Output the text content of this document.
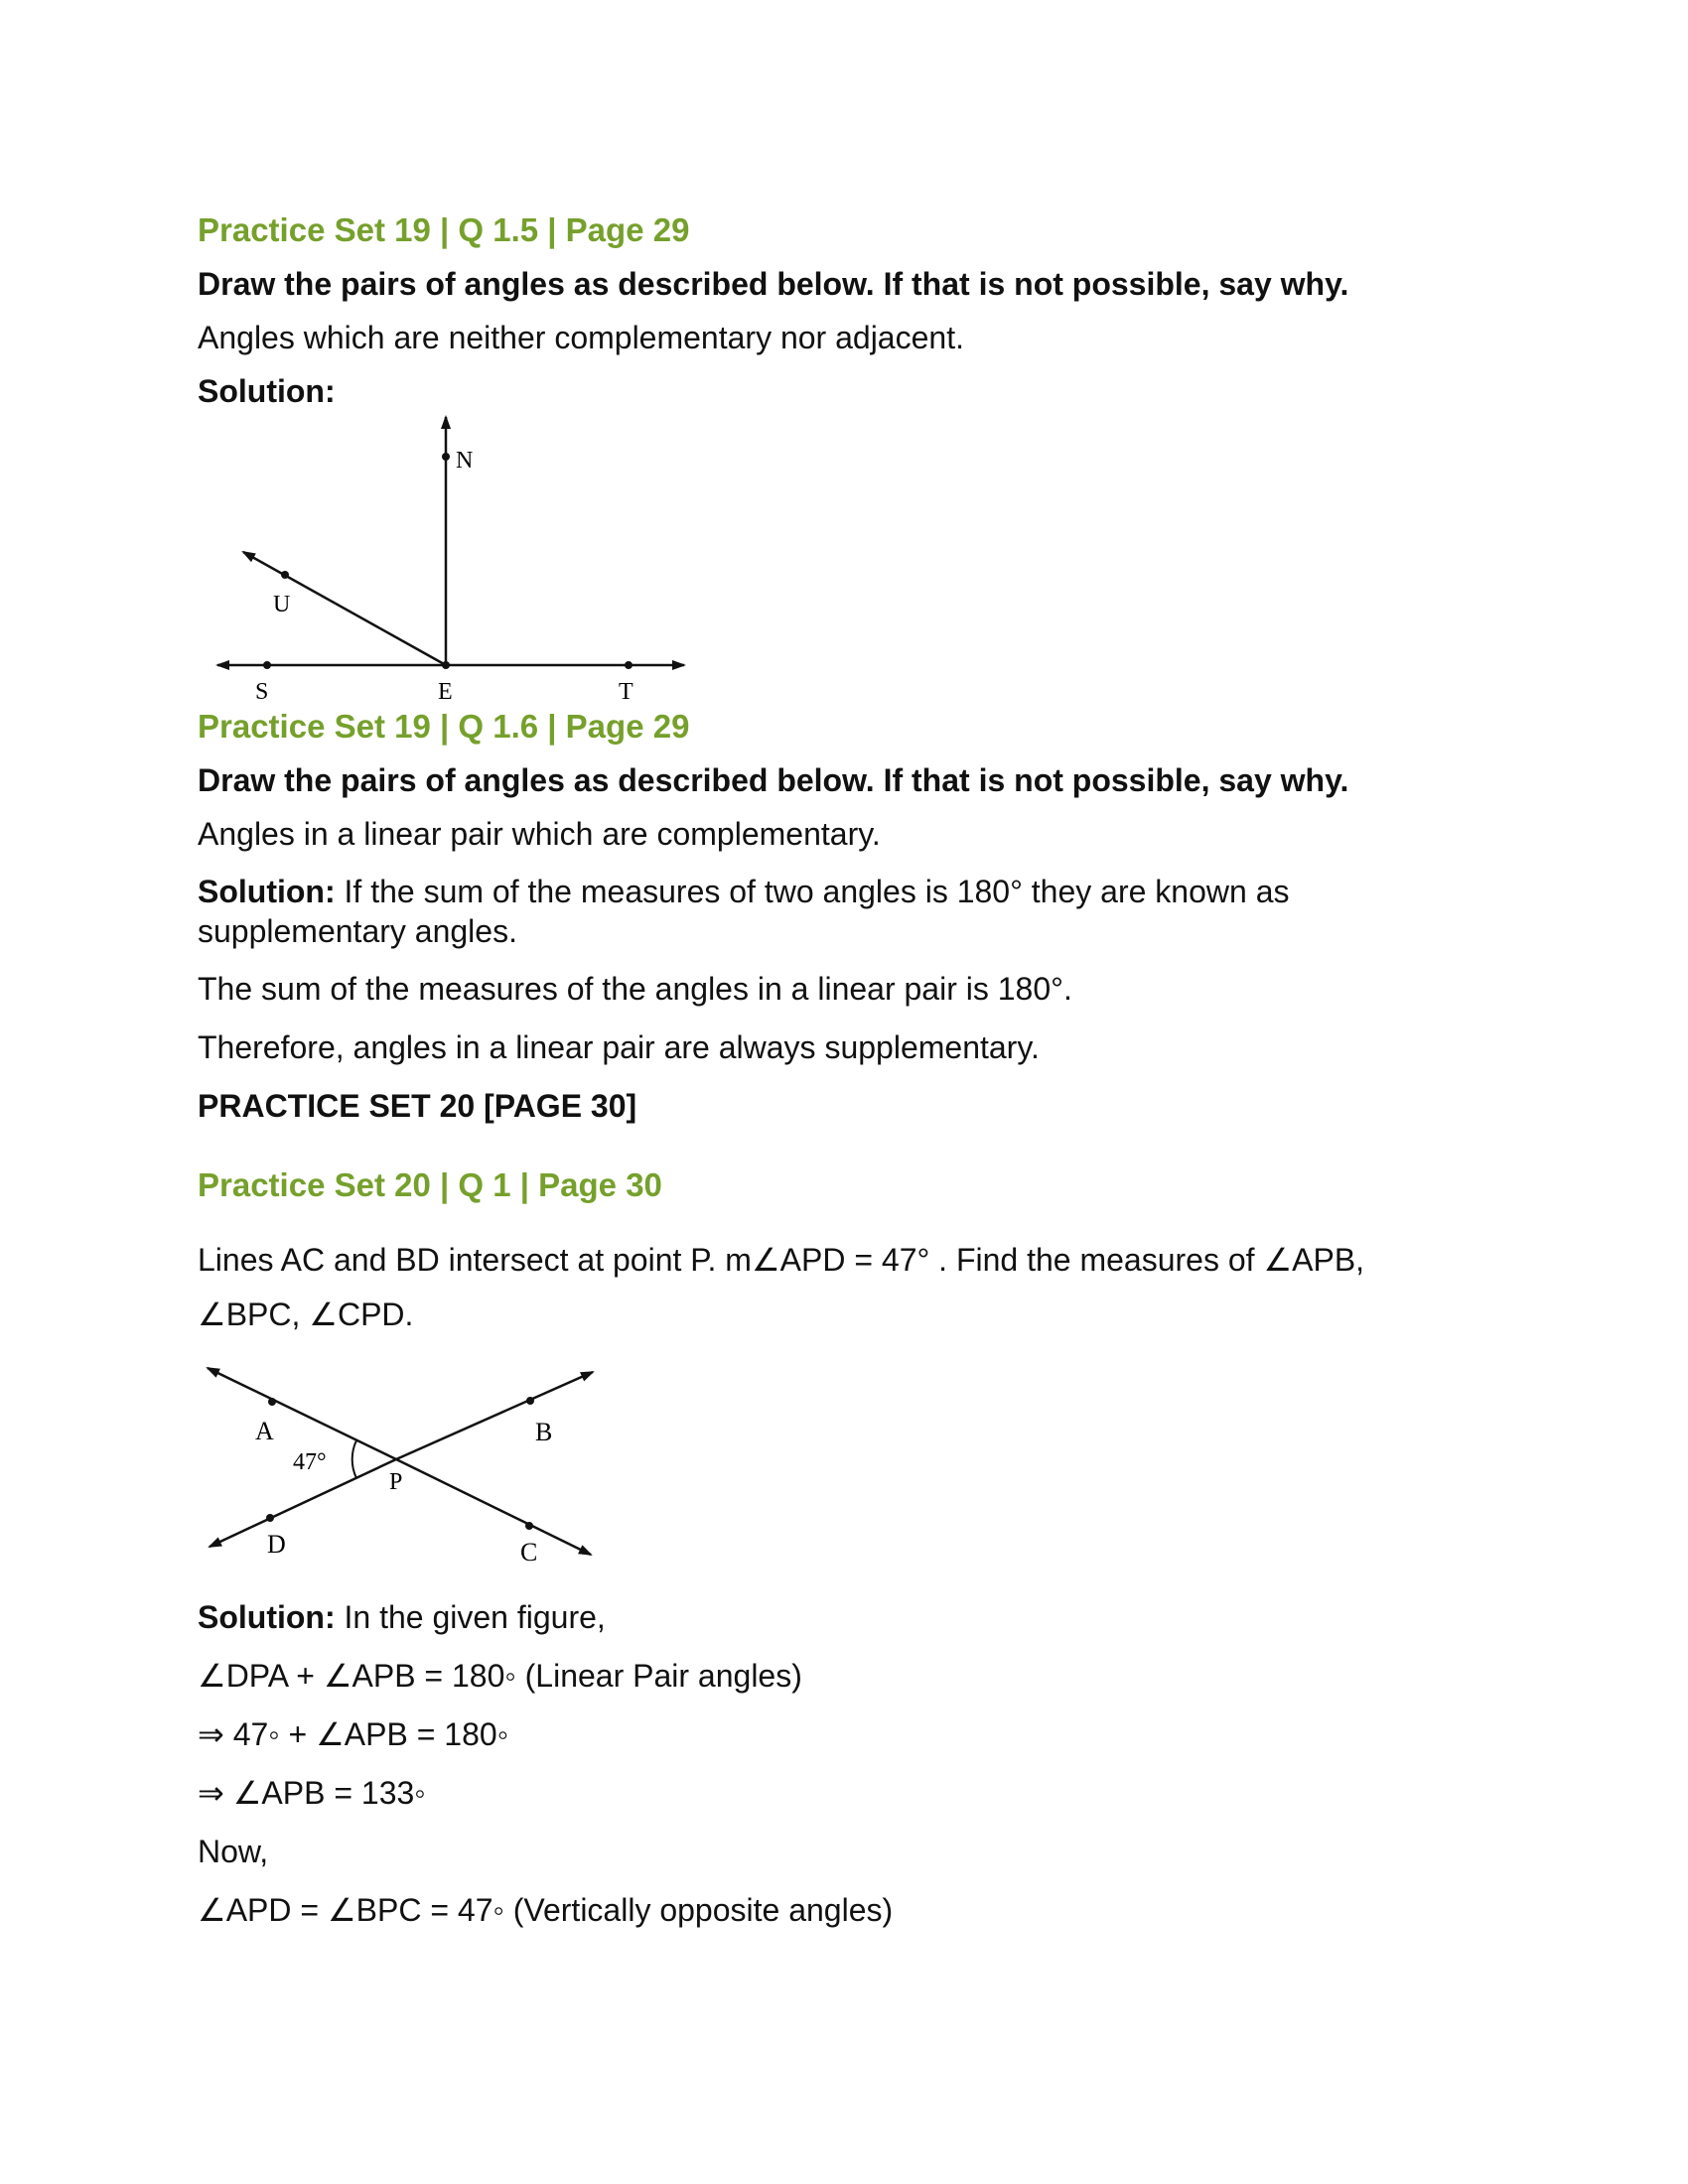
Practice Set 19 | Q 1.5 | Page 29
Draw the pairs of angles as described below. If that is not possible, say why.
Angles which are neither complementary nor adjacent.
Solution:
N
U
S	E	T
Practice Set 19 | Q 1.6 | Page 29
Draw the pairs of angles as described below. If that is not possible, say why.
Angles in a linear pair which are complementary.
Solution: If the sum of the measures of two angles is 180° they are known as supplementary angles.
The sum of the measures of the angles in a linear pair is 180°.
Therefore, angles in a linear pair are always supplementary.
PRACTICE SET 20 [PAGE 30]
Practice Set 20 | Q 1 | Page 30
Lines AC and BD intersect at point P. m∠APD = 47° . Find the measures of ∠APB,
∠BPC, ∠CPD.
A	B
C
D
P
47°
Solution: In the given figure,
∠DPA + ∠APB = 180◦ (Linear Pair angles)
⇒ 47◦ + ∠APB = 180◦
⇒ ∠APB = 133◦
Now,
∠APD = ∠BPC = 47◦ (Vertically opposite angles)
